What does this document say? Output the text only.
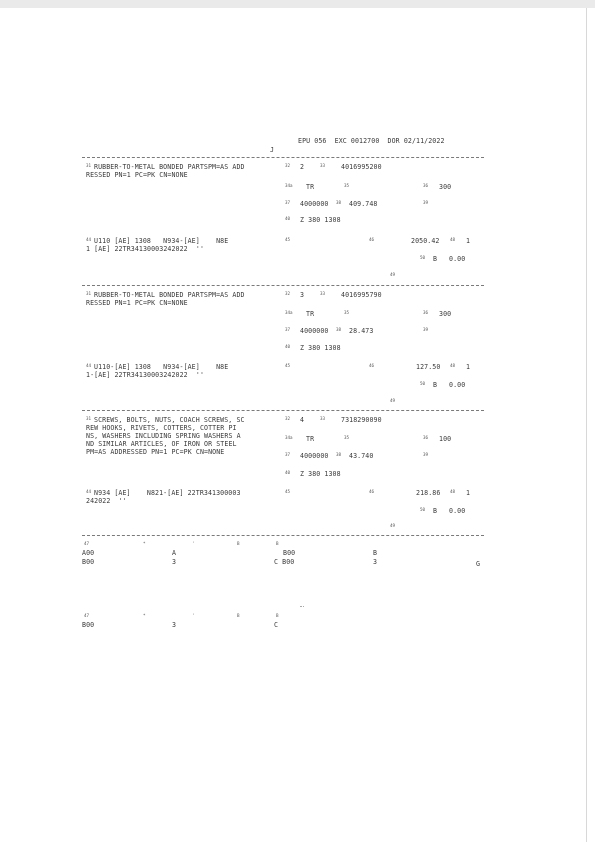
EPU 056  EXC 0012700  DOR 02/11/2022
J
31 RUBBER-TO-METAL BONDED PARTSPM=AS ADD
RESSED PN=1 PC=PK CN=NONE
32 2	33 4016995200
34a TR	35	36 300
37 4000000 38 409.748	39
40 Z 380 1308
44 U110 [AE] 1308   N934-[AE]    N8E
1 [AE] 22TR34130003242022  ''
45	46	2050.42	48 1
50 B 0.00
49
31 RUBBER-TO-METAL BONDED PARTSPM=AS ADD
RESSED PN=1 PC=PK CN=NONE
32 3	33 4016995790
34a TR	35	36 300
37 4000000 38 28.473	39
40 Z 380 1308
44 U110-[AE] 1308   N934-[AE]    N8E
1-[AE] 22TR34130003242022  ''
45	46	127.50 48 1
50 B 0.00
49
31 SCREWS, BOLTS, NUTS, COACH SCREWS, SC
REW HOOKS, RIVETS, COTTERS, COTTER PI
NS, WASHERS INCLUDING SPRING WASHERS A
ND SIMILAR ARTICLES, OF IRON OR STEEL
PM=AS ADDRESSED PN=1 PC=PK CN=NONE
32 4	33 7318290090
34a TR	35	36 100
37 4000000 38 43.740	39
40 Z 380 1308
44 N934 [AE]    N821-[AE] 22TR341300003
242022  ''
45	46	218.86 48 1
50 B 0.00
49
47	*	'	B	B
A00	A	B00	B
B00	3	C B00	3	G
47	*	'	B	B
B00	3	C
